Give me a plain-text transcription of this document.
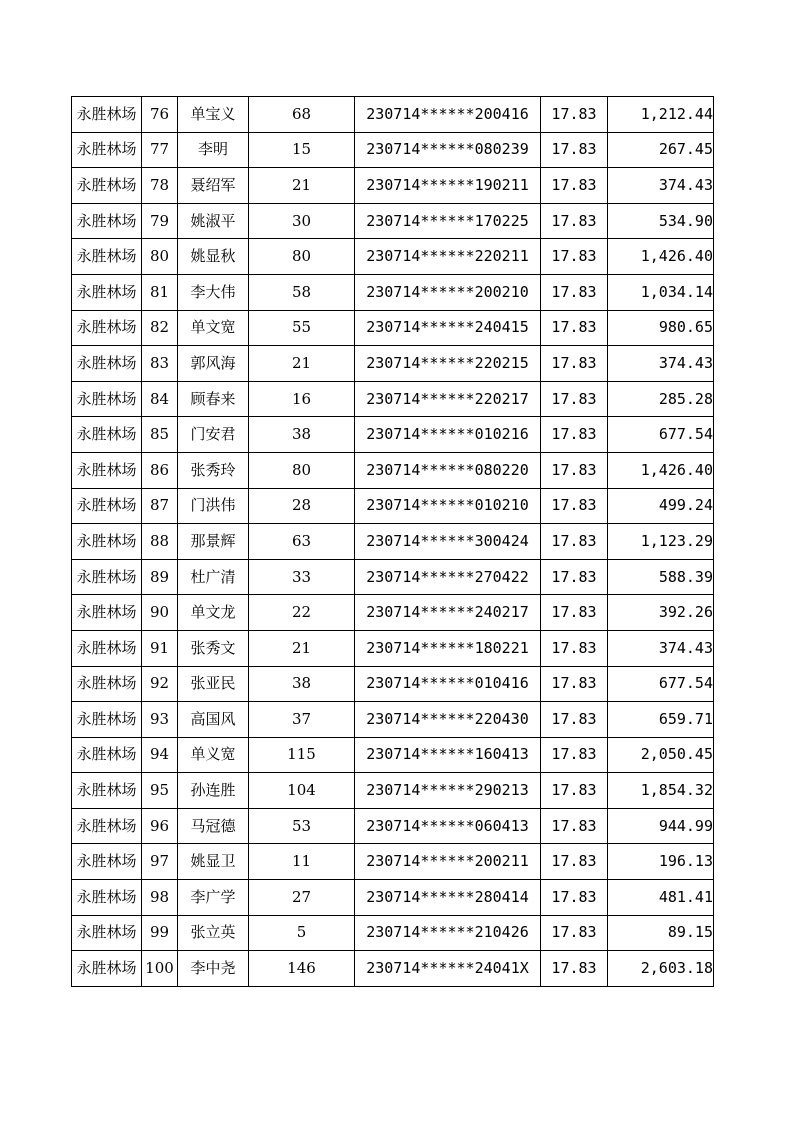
永胜林场	76	单宝义	68	230714******200416	17.83	1,212.44
永胜林场	77	李明	15	230714******080239	17.83	267.45
永胜林场	78	聂绍军	21	230714******190211	17.83	374.43
永胜林场	79	姚淑平	30	230714******170225	17.83	534.90
永胜林场	80	姚显秋	80	230714******220211	17.83	1,426.40
永胜林场	81	李大伟	58	230714******200210	17.83	1,034.14
永胜林场	82	单文宽	55	230714******240415	17.83	980.65
永胜林场	83	郭风海	21	230714******220215	17.83	374.43
永胜林场	84	顾春来	16	230714******220217	17.83	285.28
永胜林场	85	门安君	38	230714******010216	17.83	677.54
永胜林场	86	张秀玲	80	230714******080220	17.83	1,426.40
永胜林场	87	门洪伟	28	230714******010210	17.83	499.24
永胜林场	88	那景辉	63	230714******300424	17.83	1,123.29
永胜林场	89	杜广清	33	230714******270422	17.83	588.39
永胜林场	90	单文龙	22	230714******240217	17.83	392.26
永胜林场	91	张秀文	21	230714******180221	17.83	374.43
永胜林场	92	张亚民	38	230714******010416	17.83	677.54
永胜林场	93	高国风	37	230714******220430	17.83	659.71
永胜林场	94	单义宽	115	230714******160413	17.83	2,050.45
永胜林场	95	孙连胜	104	230714******290213	17.83	1,854.32
永胜林场	96	马冠德	53	230714******060413	17.83	944.99
永胜林场	97	姚显卫	11	230714******200211	17.83	196.13
永胜林场	98	李广学	27	230714******280414	17.83	481.41
永胜林场	99	张立英	5	230714******210426	17.83	89.15
永胜林场	100	李中尧	146	230714******24041X	17.83	2,603.18
